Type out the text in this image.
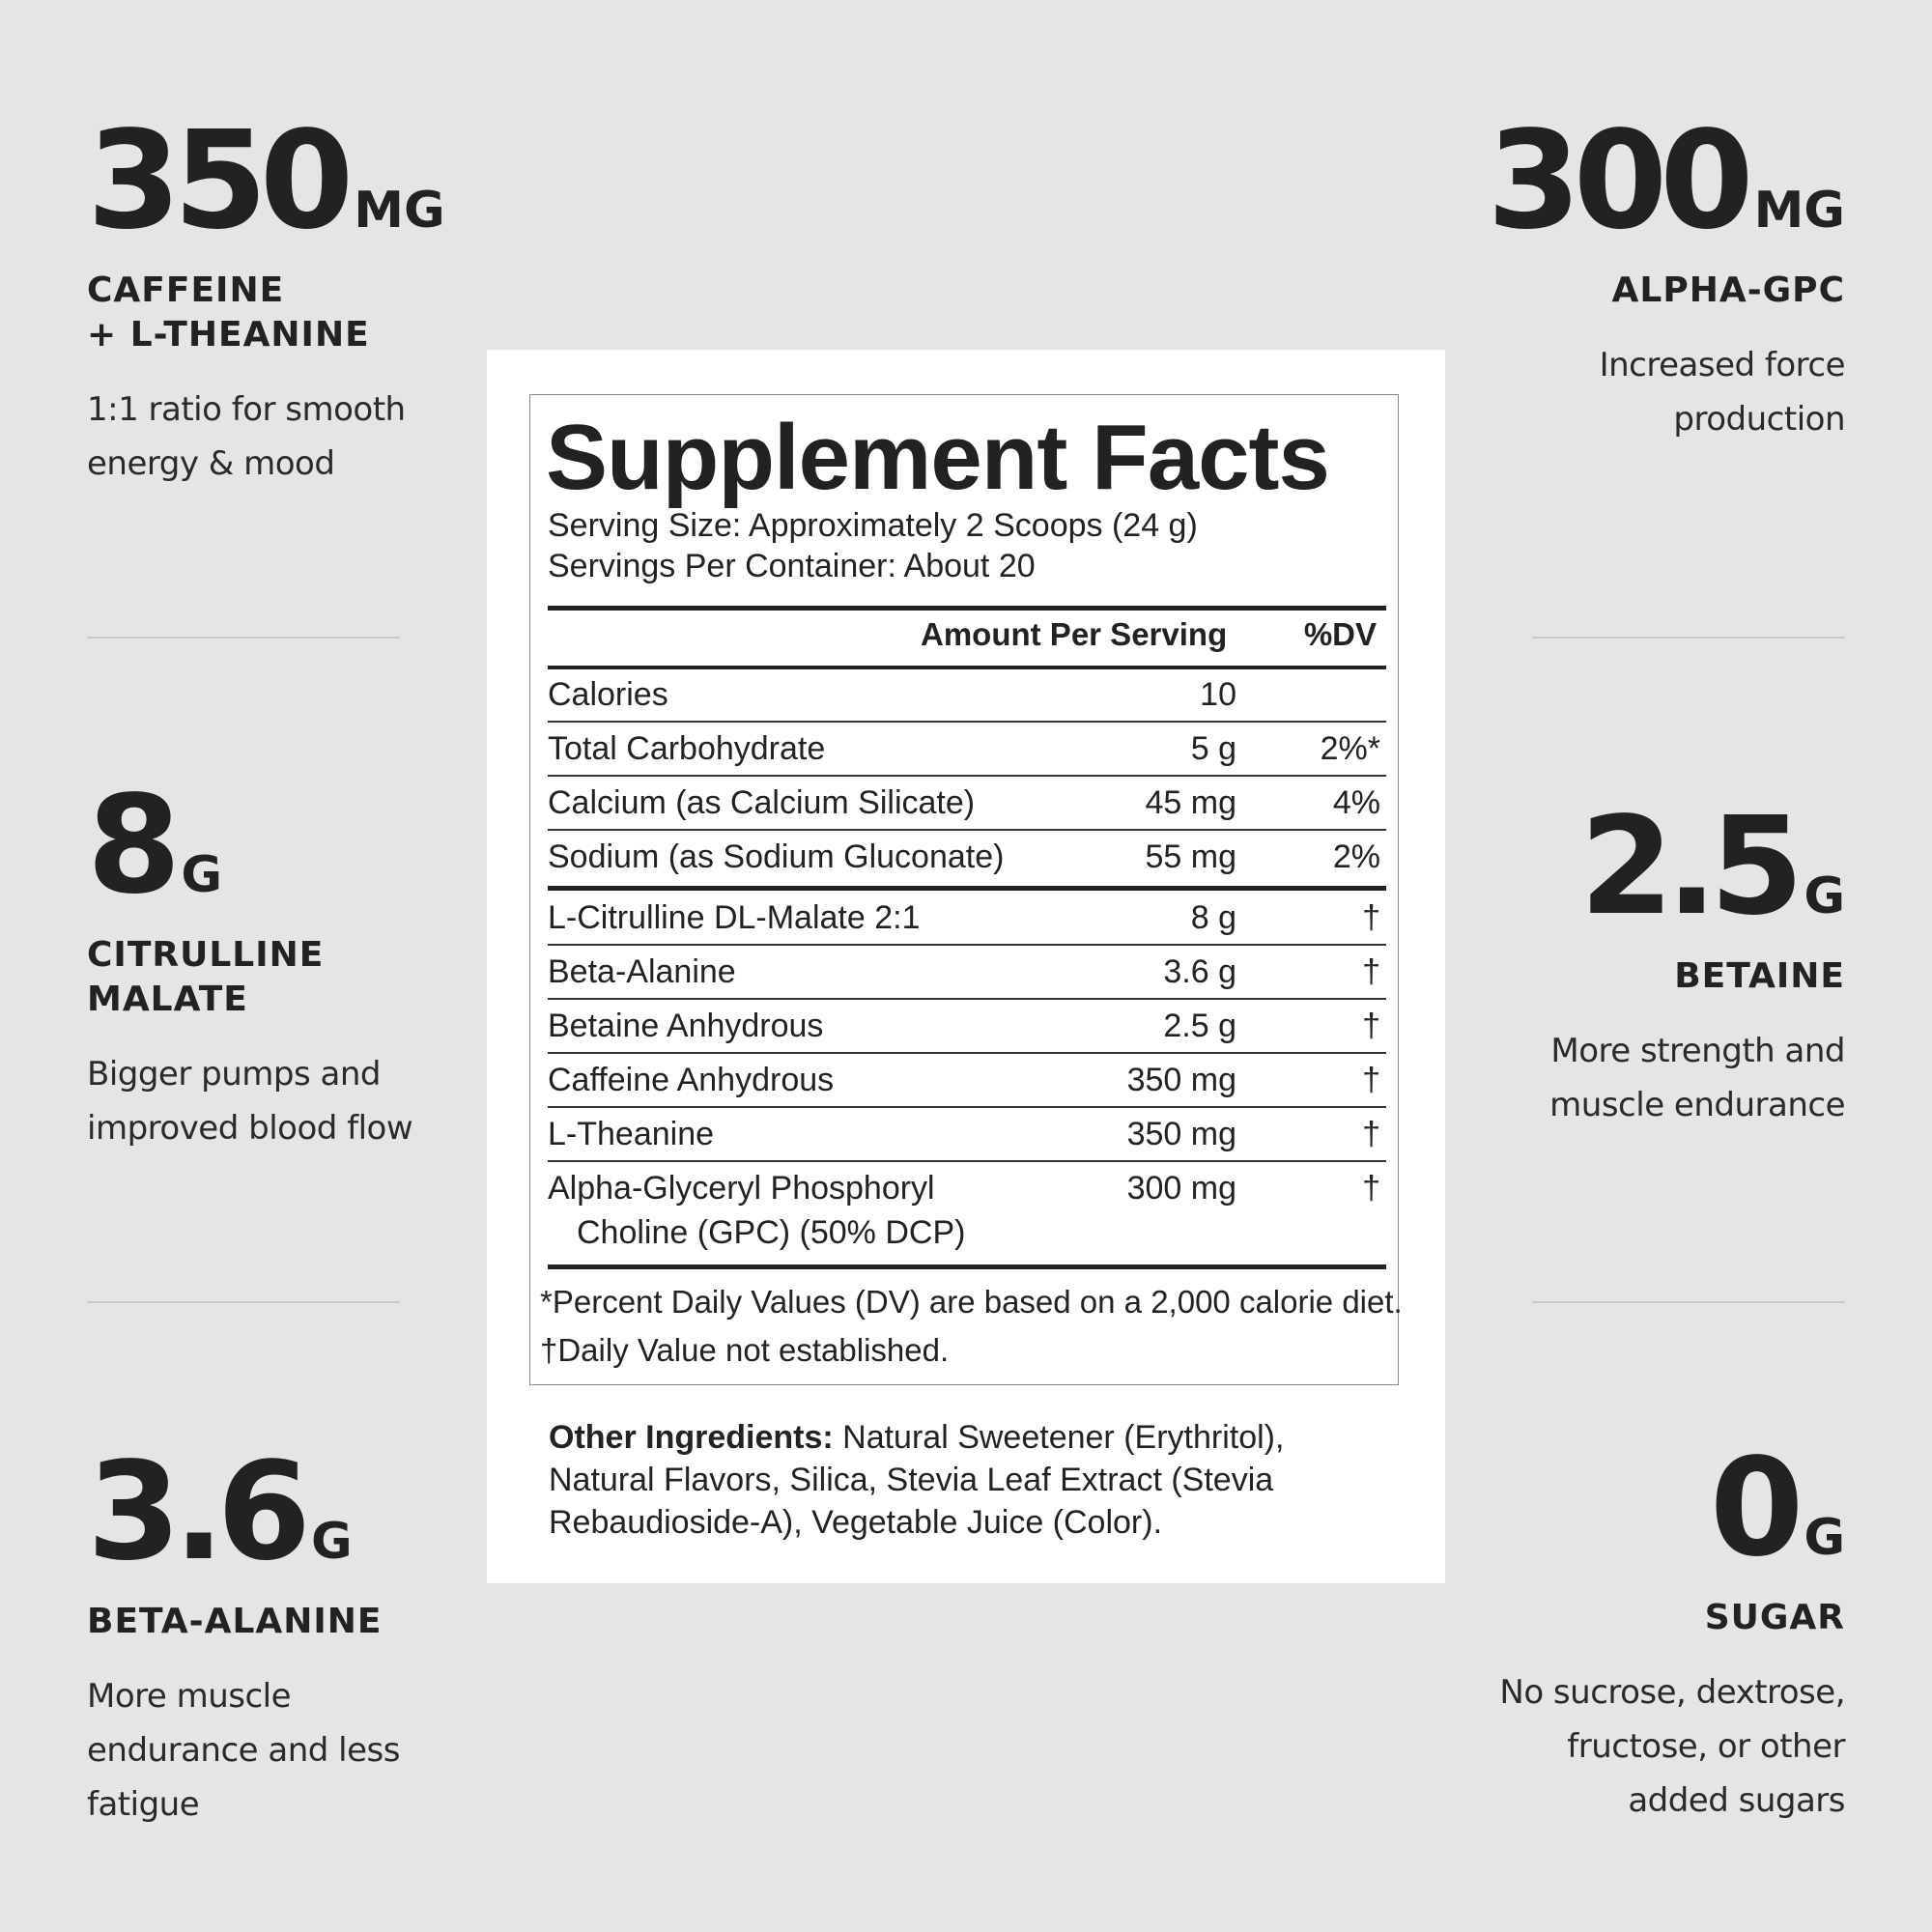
350 MG
CAFFEINE
+ L-THEANINE
1:1 ratio for smooth energy & mood
8 G
CITRULLINE
MALATE
Bigger pumps and improved blood flow
3.6 G
BETA-ALANINE
More muscle endurance and less fatigue
300 MG
ALPHA-GPC
Increased force production
2.5 G
BETAINE
More strength and muscle endurance
0 G
SUGAR
No sucrose, dextrose, fructose, or other added sugars
Supplement Facts
Serving Size: Approximately 2 Scoops (24 g)
Servings Per Container: About 20
Amount Per Serving %DV
Calories	10
Total Carbohydrate	5 g	2%*
Calcium (as Calcium Silicate)	45 mg	4%
Sodium (as Sodium Gluconate)	55 mg	2%
L-Citrulline DL-Malate 2:1	8 g	†
Beta-Alanine	3.6 g	†
Betaine Anhydrous	2.5 g	†
Caffeine Anhydrous	350 mg	†
L-Theanine	350 mg	†
Alpha-Glyceryl Phosphoryl
Choline (GPC) (50% DCP)
300 mg	†
*Percent Daily Values (DV) are based on a 2,000 calorie diet.
†Daily Value not established.
Other Ingredients: Natural Sweetener (Erythritol), Natural Flavors, Silica, Stevia Leaf Extract (Stevia Rebaudioside-A), Vegetable Juice (Color).
